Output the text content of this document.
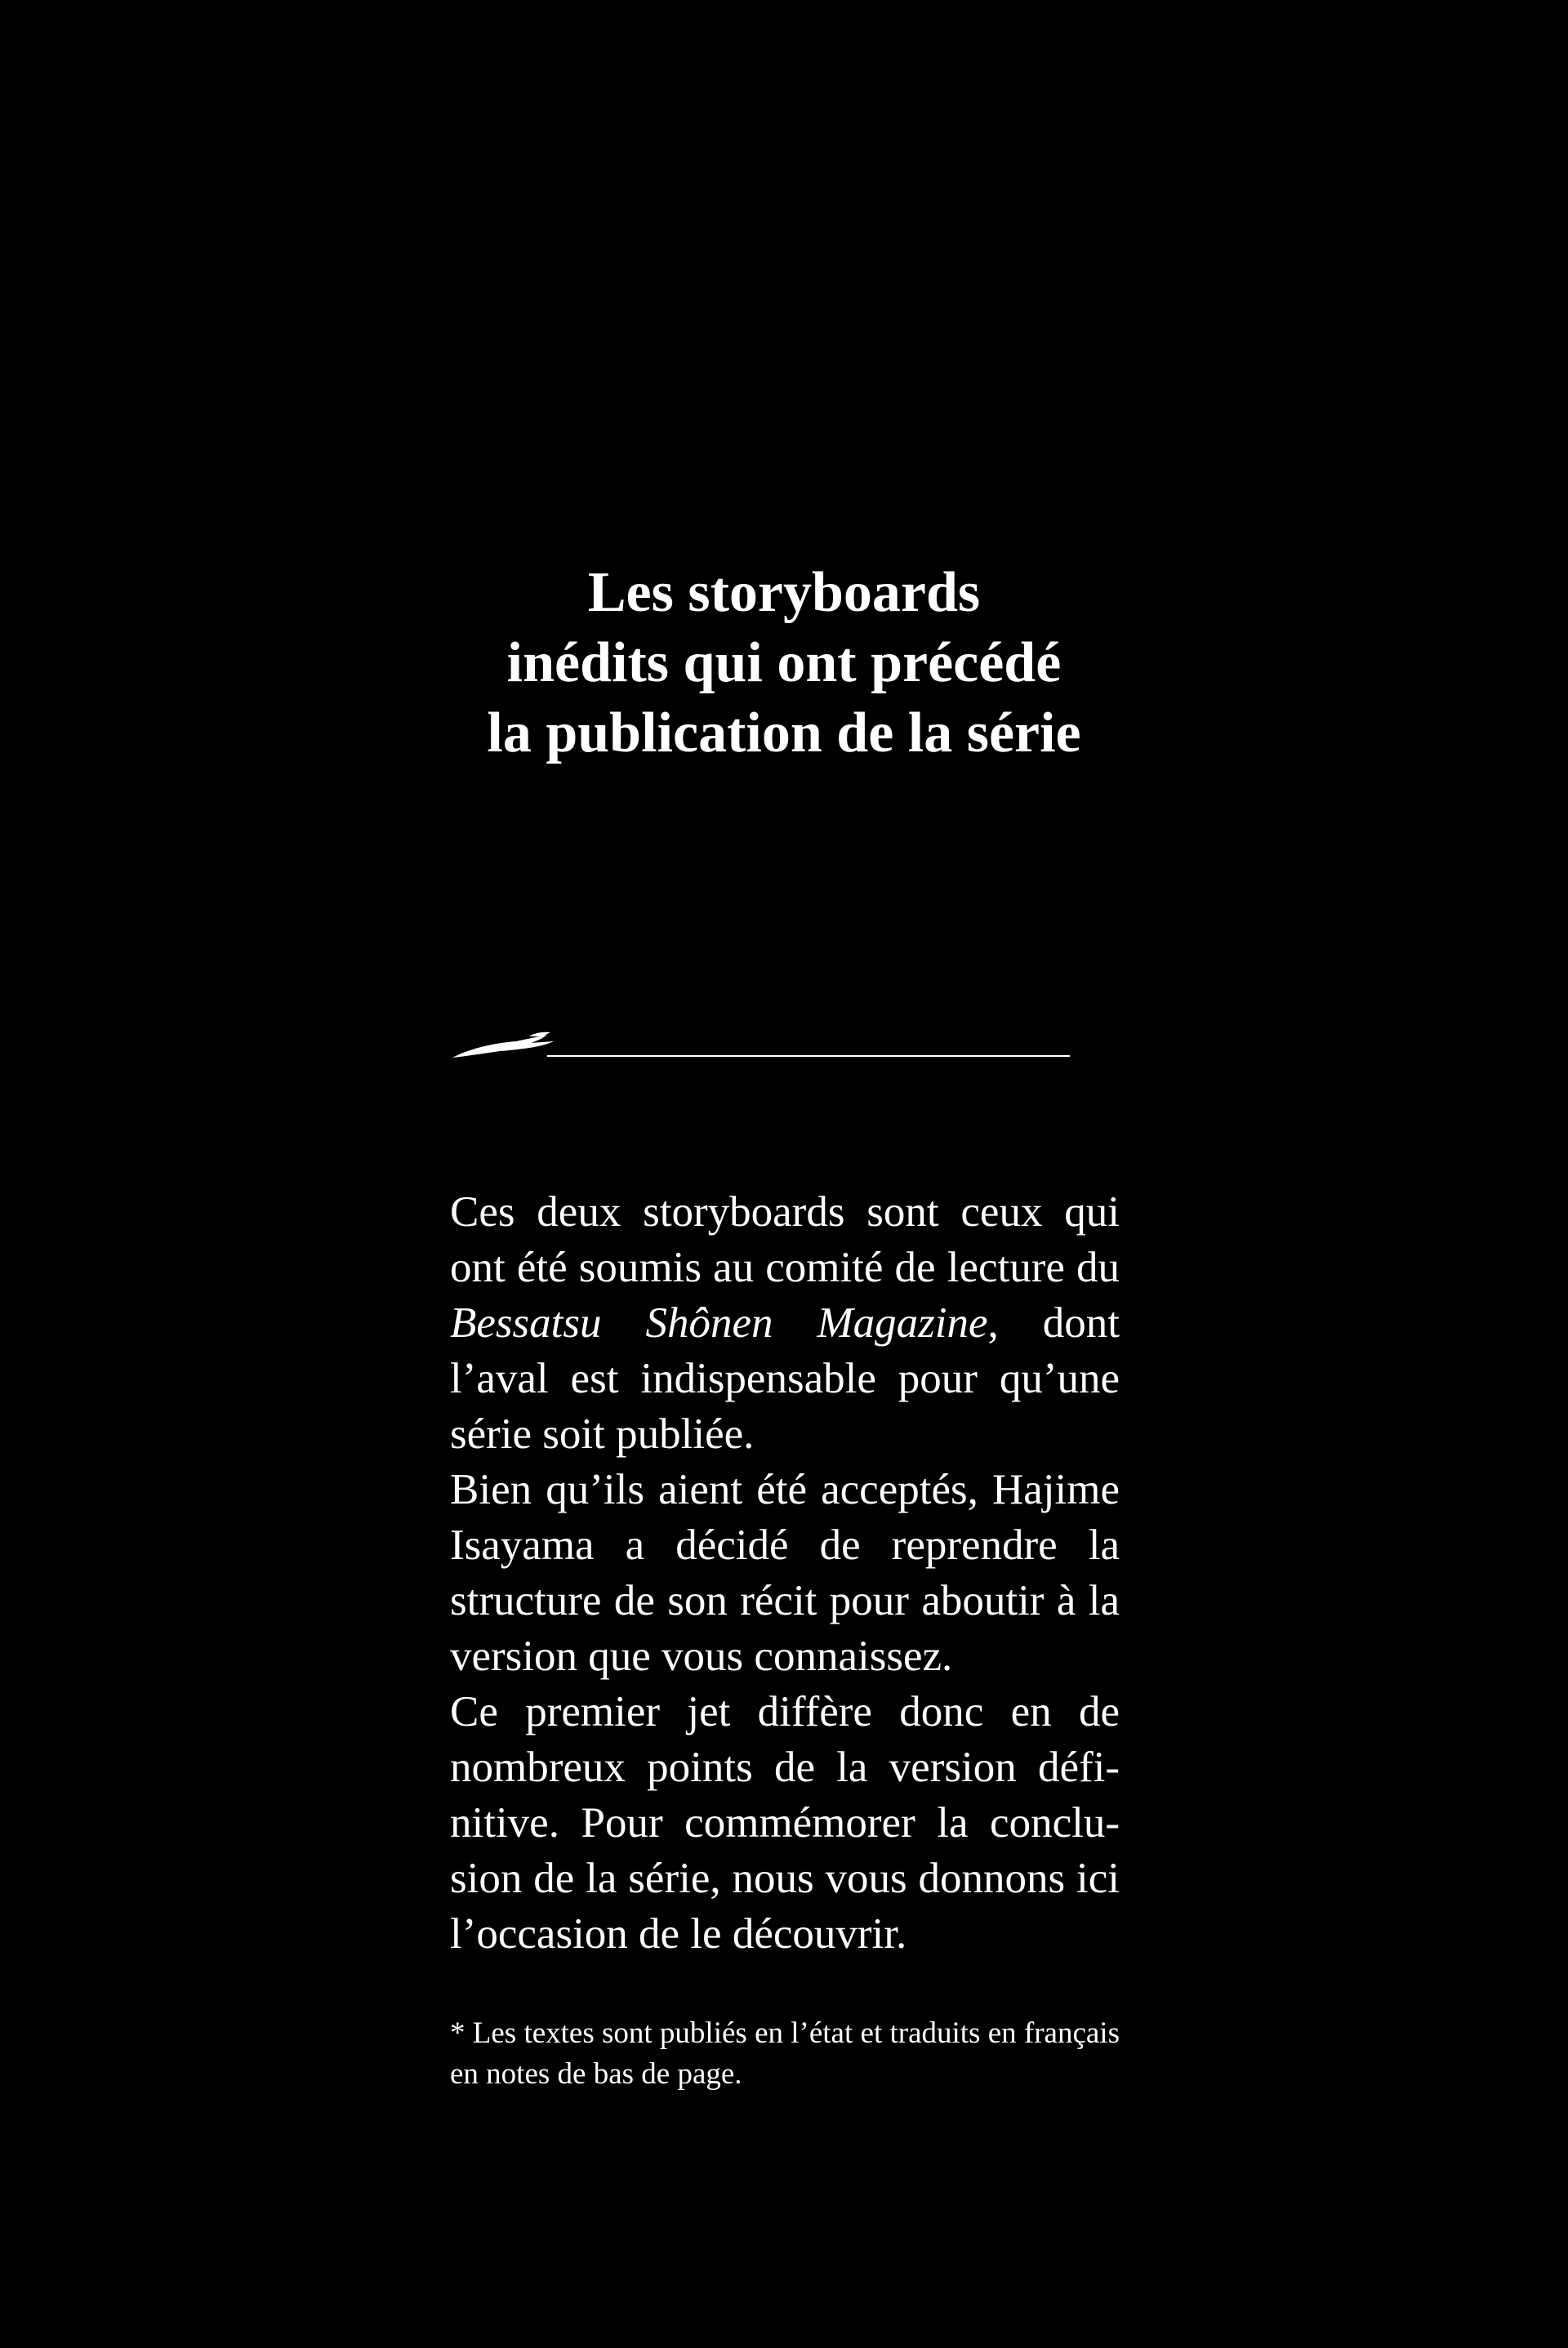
Les storyboards
inédits qui ont précédé
la publication de la série

Ces deux storyboards sont ceux qui ont été soumis au comité de lecture du Bessatsu Shônen Magazine, dont l’aval est indispensable pour qu’une série soit publiée.

Bien qu’ils aient été acceptés, Hajime Isayama a décidé de reprendre la structure de son récit pour aboutir à la version que vous connaissez.

Ce premier jet diffère donc en de nombreux points de la version définitive. Pour commémorer la conclusion de la série, nous vous donnons ici l’occasion de le découvrir.

* Les textes sont publiés en l’état et traduits en français en notes de bas de page.
